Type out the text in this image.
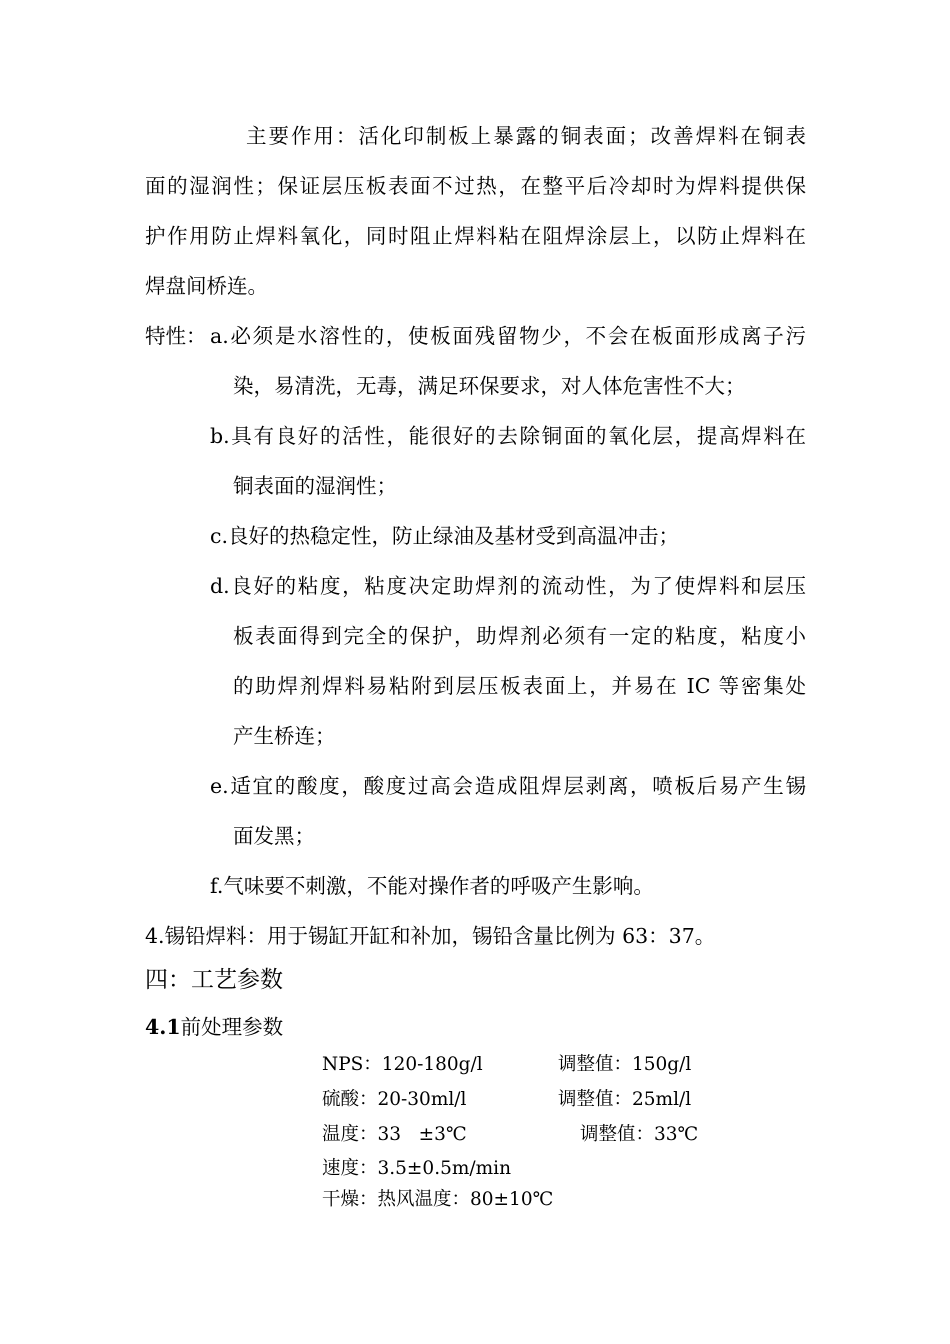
主要作用：活化印制板上暴露的铜表面；改善焊料在铜表
面的湿润性；保证层压板表面不过热，在整平后冷却时为焊料提供保
护作用防止焊料氧化，同时阻止焊料粘在阻焊涂层上，以防止焊料在
焊盘间桥连。
特性： a.必须是水溶性的，使板面残留物少，不会在板面形成离子污
染，易清洗，无毒，满足环保要求，对人体危害性不大；
b.具有良好的活性，能很好的去除铜面的氧化层，提高焊料在
铜表面的湿润性；
c.良好的热稳定性，防止绿油及基材受到高温冲击；
d.良好的粘度，粘度决定助焊剂的流动性，为了使焊料和层压
板表面得到完全的保护，助焊剂必须有一定的粘度，粘度小
的助焊剂焊料易粘附到层压板表面上，并易在 IC 等密集处
产生桥连；
e.适宜的酸度，酸度过高会造成阻焊层剥离，喷板后易产生锡
面发黑；
f.气味要不刺激，不能对操作者的呼吸产生影响。
4.锡铅焊料：用于锡缸开缸和补加，锡铅含量比例为 63：37。
四：工艺参数
4.1前处理参数
NPS：120-180g/l	调整值：150g/l
硫酸：20-30ml/l	调整值：25ml/l
温度：33   ±3℃	调整值：33℃
速度：3.5±0.5m/min
干燥：热风温度：80±10℃
